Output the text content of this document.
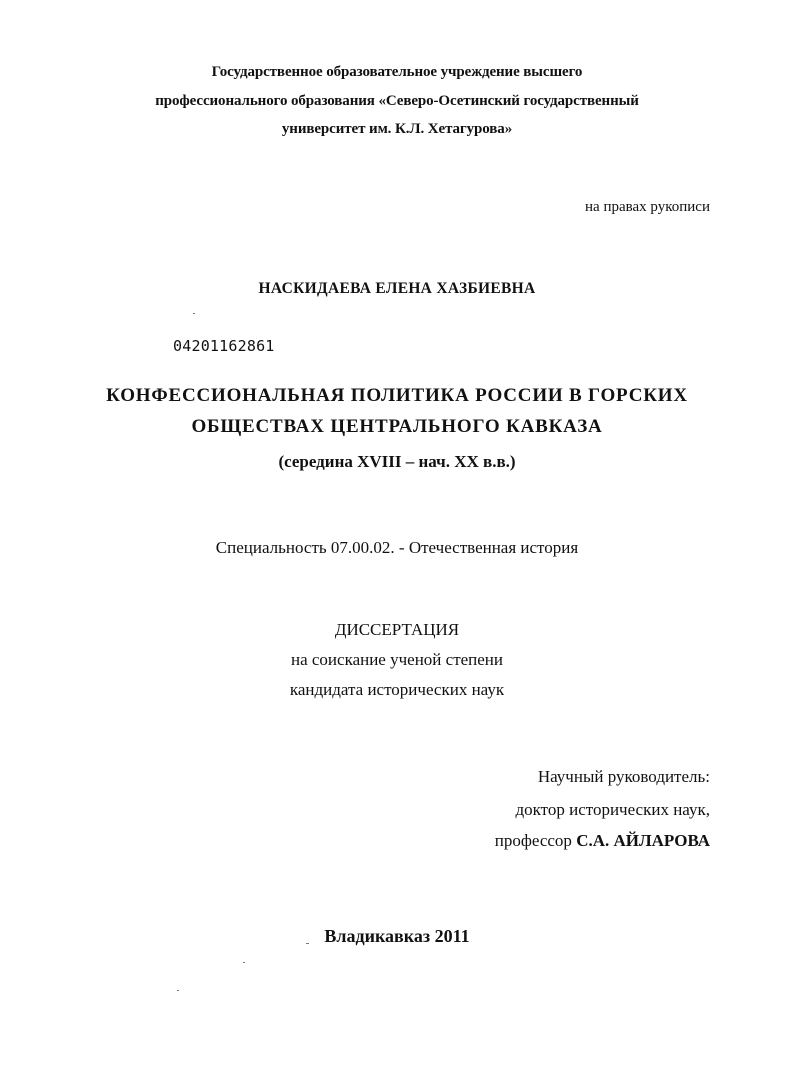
Государственное образовательное учреждение высшего
профессионального образования «Северо-Осетинский государственный
университет им. К.Л. Хетагурова»
на правах рукописи
НАСКИДАЕВА ЕЛЕНА ХАЗБИЕВНА
04201162861
КОНФЕССИОНАЛЬНАЯ ПОЛИТИКА РОССИИ В ГОРСКИХ
ОБЩЕСТВАХ ЦЕНТРАЛЬНОГО КАВКАЗА
(середина XVIII – нач. XX в.в.)
Специальность 07.00.02. - Отечественная история
ДИССЕРТАЦИЯ
на соискание ученой степени
кандидата исторических наук
Научный руководитель:
доктор исторических наук,
профессор С.А. АЙЛАРОВА
Владикавказ 2011
